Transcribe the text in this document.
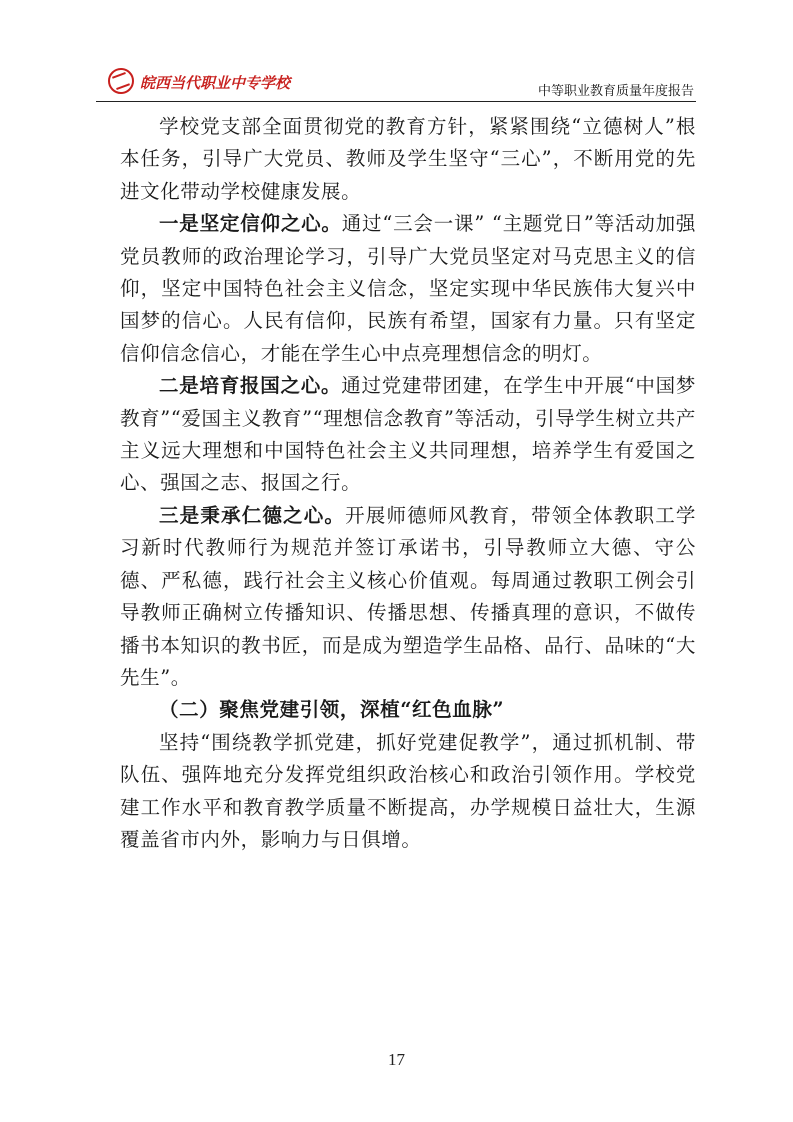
皖西当代职业中专学校	中等职业教育质量年度报告

学校党支部全面贯彻党的教育方针，紧紧围绕“立德树人”根本任务，引导广大党员、教师及学生坚守“三心”，不断用党的先进文化带动学校健康发展。

一是坚定信仰之心。通过“三会一课” “主题党日”等活动加强党员教师的政治理论学习，引导广大党员坚定对马克思主义的信仰，坚定中国特色社会主义信念，坚定实现中华民族伟大复兴中国梦的信心。人民有信仰，民族有希望，国家有力量。只有坚定信仰信念信心，才能在学生心中点亮理想信念的明灯。

二是培育报国之心。通过党建带团建，在学生中开展“中国梦教育”“爱国主义教育”“理想信念教育”等活动，引导学生树立共产主义远大理想和中国特色社会主义共同理想，培养学生有爱国之心、强国之志、报国之行。

三是秉承仁德之心。开展师德师风教育，带领全体教职工学习新时代教师行为规范并签订承诺书，引导教师立大德、守公德、严私德，践行社会主义核心价值观。每周通过教职工例会引导教师正确树立传播知识、传播思想、传播真理的意识，不做传播书本知识的教书匠，而是成为塑造学生品格、品行、品味的“大先生”。

（二）聚焦党建引领，深植“红色血脉”

坚持“围绕教学抓党建，抓好党建促教学”，通过抓机制、带队伍、强阵地充分发挥党组织政治核心和政治引领作用。学校党建工作水平和教育教学质量不断提高，办学规模日益壮大，生源覆盖省市内外，影响力与日俱增。

17
